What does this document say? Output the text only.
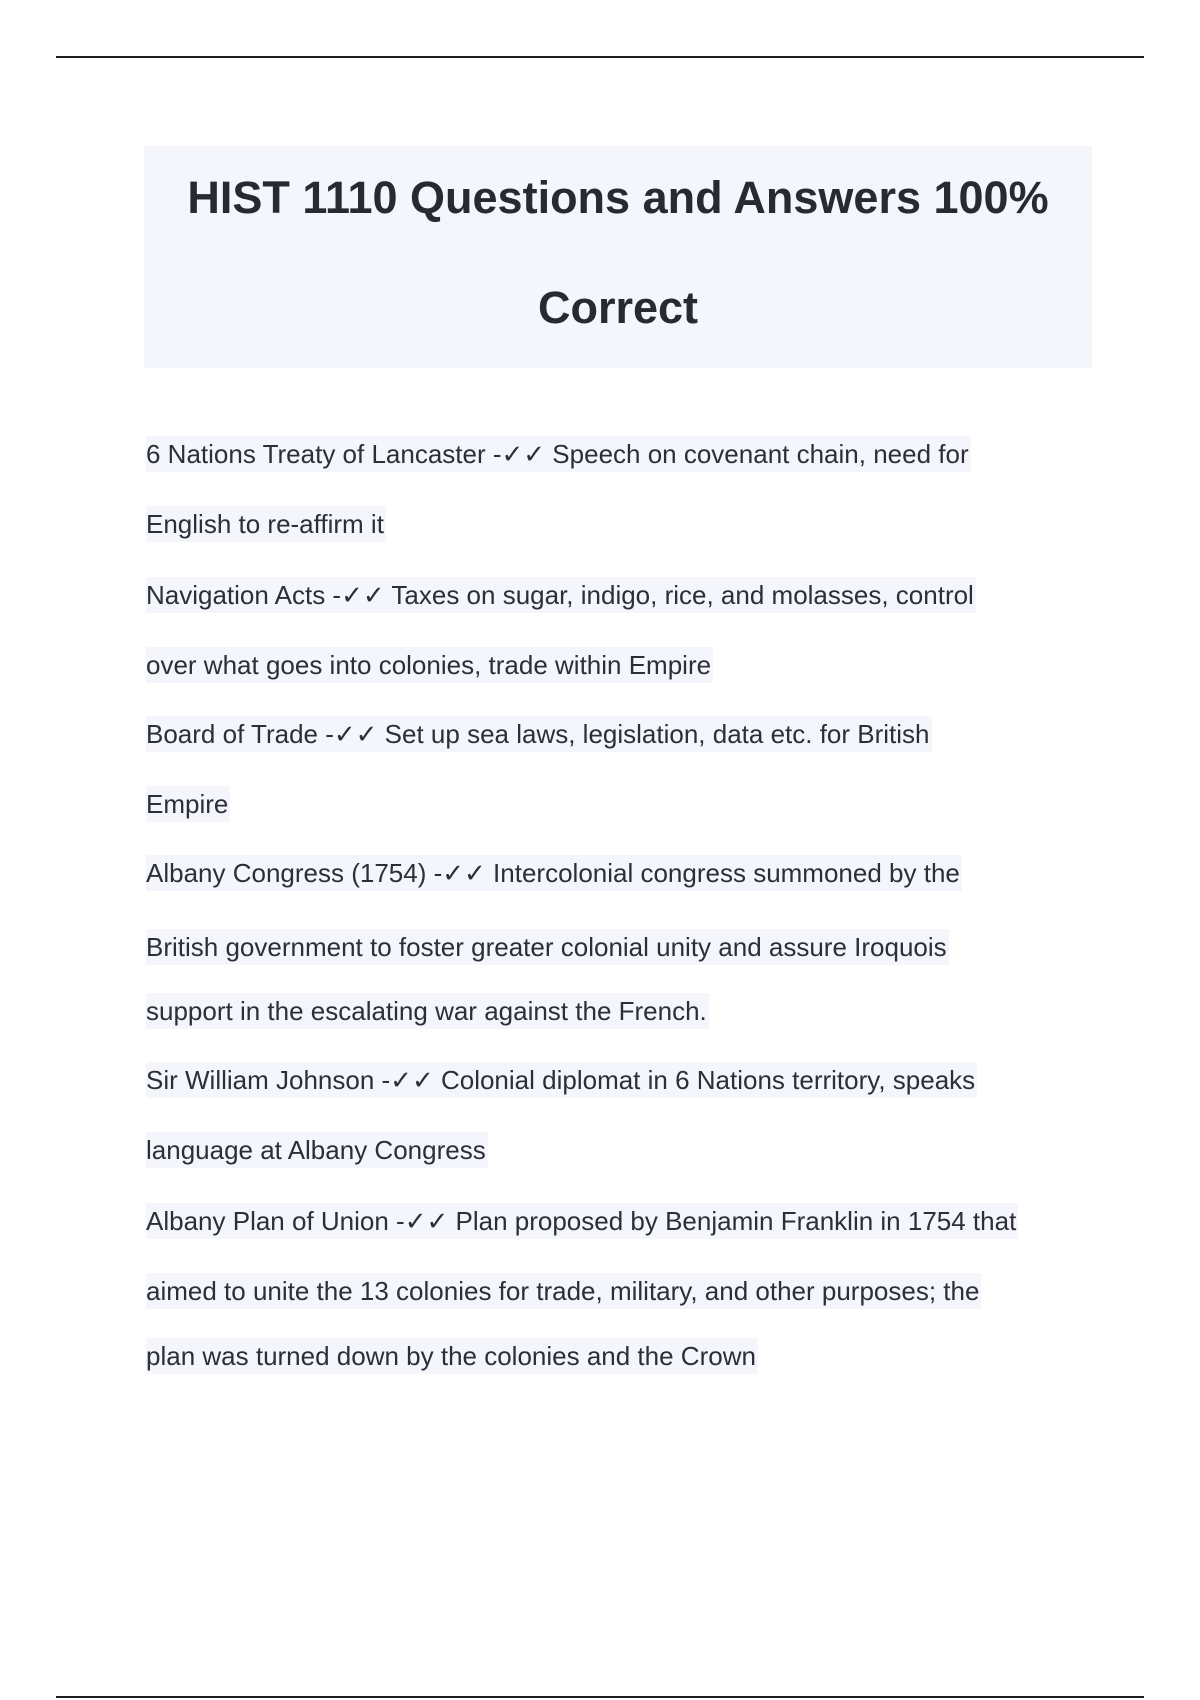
HIST 1110 Questions and Answers 100%
Correct
6 Nations Treaty of Lancaster -✓✓ Speech on covenant chain, need for
English to re-affirm it
Navigation Acts -✓✓ Taxes on sugar, indigo, rice, and molasses, control
over what goes into colonies, trade within Empire
Board of Trade -✓✓ Set up sea laws, legislation, data etc. for British
Empire
Albany Congress (1754) -✓✓ Intercolonial congress summoned by the
British government to foster greater colonial unity and assure Iroquois
support in the escalating war against the French.
Sir William Johnson -✓✓ Colonial diplomat in 6 Nations territory, speaks
language at Albany Congress
Albany Plan of Union -✓✓ Plan proposed by Benjamin Franklin in 1754 that
aimed to unite the 13 colonies for trade, military, and other purposes; the
plan was turned down by the colonies and the Crown
